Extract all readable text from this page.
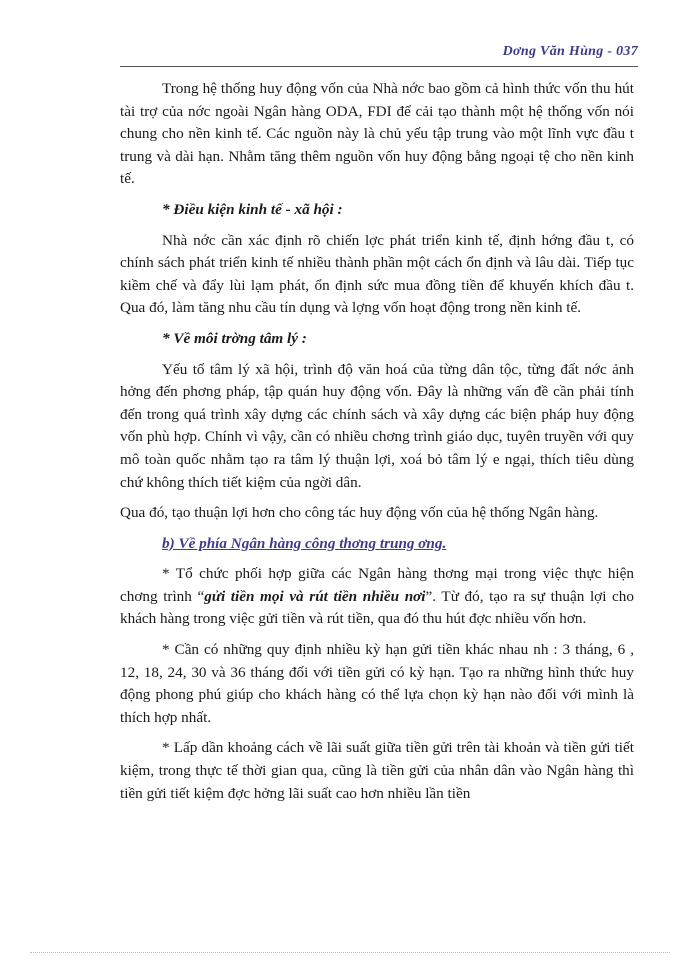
Dơng Văn Hùng - 037

Trong hệ thống huy động vốn của Nhà nớc bao gồm cả hình thức vốn thu hút tài trợ của nớc ngoài Ngân hàng ODA, FDI để cải tạo thành một hệ thống vốn nói chung cho nền kinh tế. Các nguồn này là chủ yếu tập trung vào một lĩnh vực đầu t trung và dài hạn. Nhằm tăng thêm nguồn vốn huy động bằng ngoại tệ cho nền kinh tế.

* Điều kiện kinh tế - xã hội :

Nhà nớc cần xác định rõ chiến lợc phát triển kinh tế, định hớng đầu t, có chính sách phát triển kinh tế nhiều thành phần một cách ổn định và lâu dài. Tiếp tục kiềm chế và đẩy lùi lạm phát, ổn định sức mua đồng tiền để khuyến khích đầu t. Qua đó, làm tăng nhu cầu tín dụng và lợng vốn hoạt động trong nền kinh tế.

* Về môi trờng tâm lý :

Yếu tố tâm lý xã hội, trình độ văn hoá của từng dân tộc, từng đất nớc ảnh hởng đến phơng pháp, tập quán huy động vốn. Đây là những vấn đề cần phải tính đến trong quá trình xây dựng các chính sách và xây dựng các biện pháp huy động vốn phù hợp. Chính vì vậy, cần có nhiều chơng trình giáo dục, tuyên truyền với quy mô toàn quốc nhằm tạo ra tâm lý thuận lợi, xoá bỏ tâm lý e ngại, thích tiêu dùng chứ không thích tiết kiệm của ngời dân.

Qua đó, tạo thuận lợi hơn cho công tác huy động vốn của hệ thống Ngân hàng.

b) Về phía Ngân hàng công thơng trung ơng.

* Tổ chức phối hợp giữa các Ngân hàng thơng mại trong việc thực hiện chơng trình “gửi tiền mọi và rút tiền nhiều nơi”. Từ đó, tạo ra sự thuận lợi cho khách hàng trong việc gửi tiền và rút tiền, qua đó thu hút đợc nhiều vốn hơn.

* Cần có những quy định nhiều kỳ hạn gửi tiền khác nhau nh : 3 tháng, 6 , 12, 18, 24, 30 và 36 tháng đối với tiền gửi có kỳ hạn. Tạo ra những hình thức huy động phong phú giúp cho khách hàng có thể lựa chọn kỳ hạn nào đối với mình là thích hợp nhất.

* Lấp dần khoảng cách về lãi suất giữa tiền gửi trên tài khoản và tiền gửi tiết kiệm, trong thực tế thời gian qua, cũng là tiền gửi của nhân dân vào Ngân hàng thì tiền gửi tiết kiệm đợc hởng lãi suất cao hơn nhiều lần tiền
